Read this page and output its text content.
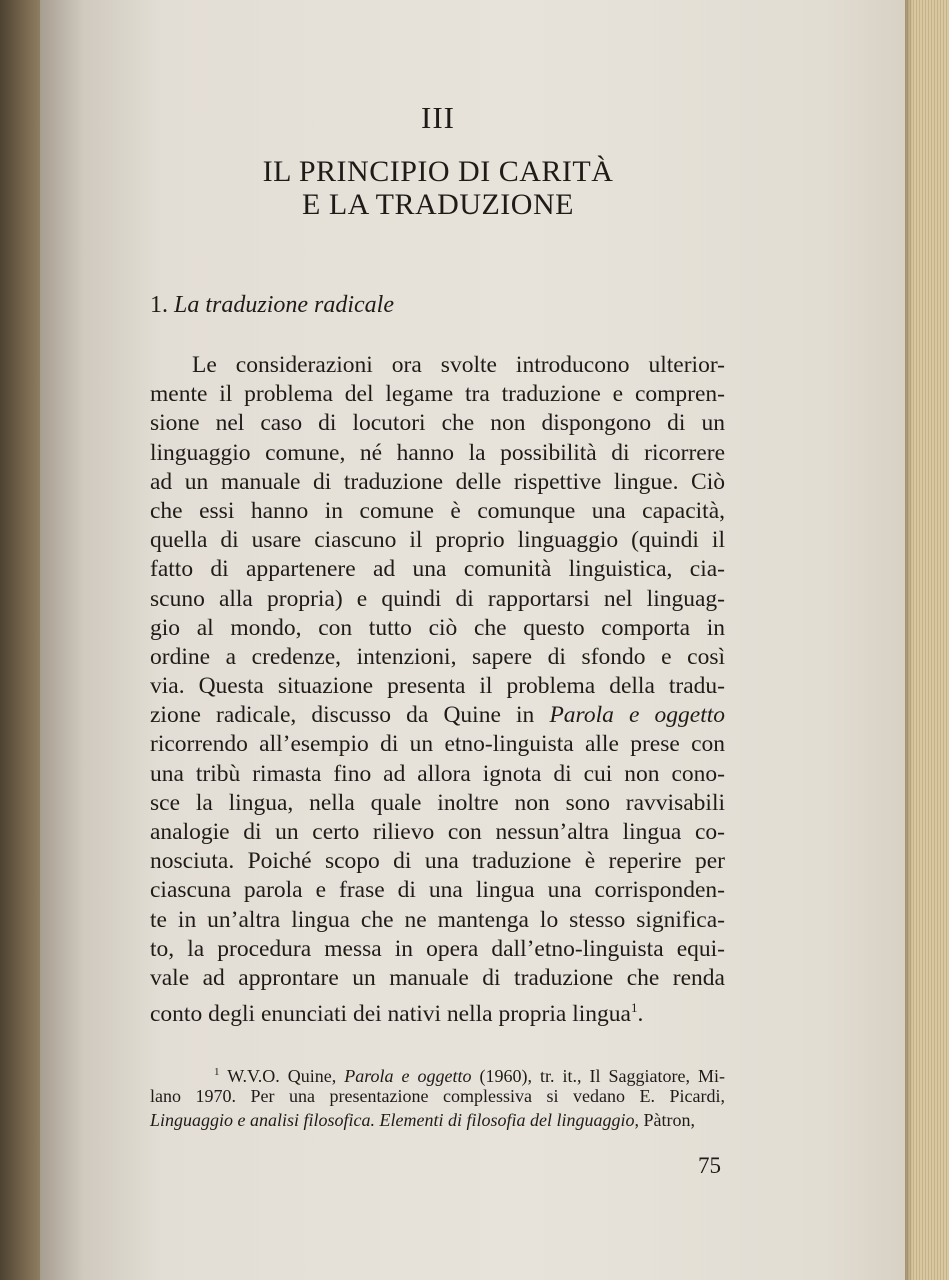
III
IL PRINCIPIO DI CARITÀ
E LA TRADUZIONE
1. La traduzione radicale
Le considerazioni ora svolte introducono ulterior-
mente il problema del legame tra traduzione e compren-
sione nel caso di locutori che non dispongono di un
linguaggio comune, né hanno la possibilità di ricorrere
ad un manuale di traduzione delle rispettive lingue. Ciò
che essi hanno in comune è comunque una capacità,
quella di usare ciascuno il proprio linguaggio (quindi il
fatto di appartenere ad una comunità linguistica, cia-
scuno alla propria) e quindi di rapportarsi nel linguag-
gio al mondo, con tutto ciò che questo comporta in
ordine a credenze, intenzioni, sapere di sfondo e così
via. Questa situazione presenta il problema della tradu-
zione radicale, discusso da Quine in Parola e oggetto
ricorrendo all’esempio di un etno-linguista alle prese con
una tribù rimasta fino ad allora ignota di cui non cono-
sce la lingua, nella quale inoltre non sono ravvisabili
analogie di un certo rilievo con nessun’altra lingua co-
nosciuta. Poiché scopo di una traduzione è reperire per
ciascuna parola e frase di una lingua una corrisponden-
te in un’altra lingua che ne mantenga lo stesso significa-
to, la procedura messa in opera dall’etno-linguista equi-
vale ad approntare un manuale di traduzione che renda
conto degli enunciati dei nativi nella propria lingua$^1$.
$^1$ W.V.O. Quine, Parola e oggetto (1960), tr. it., Il Saggiatore, Mi-
lano 1970. Per una presentazione complessiva si vedano E. Picardi,
Linguaggio e analisi filosofica. Elementi di filosofia del linguaggio, Pàtron,
75
